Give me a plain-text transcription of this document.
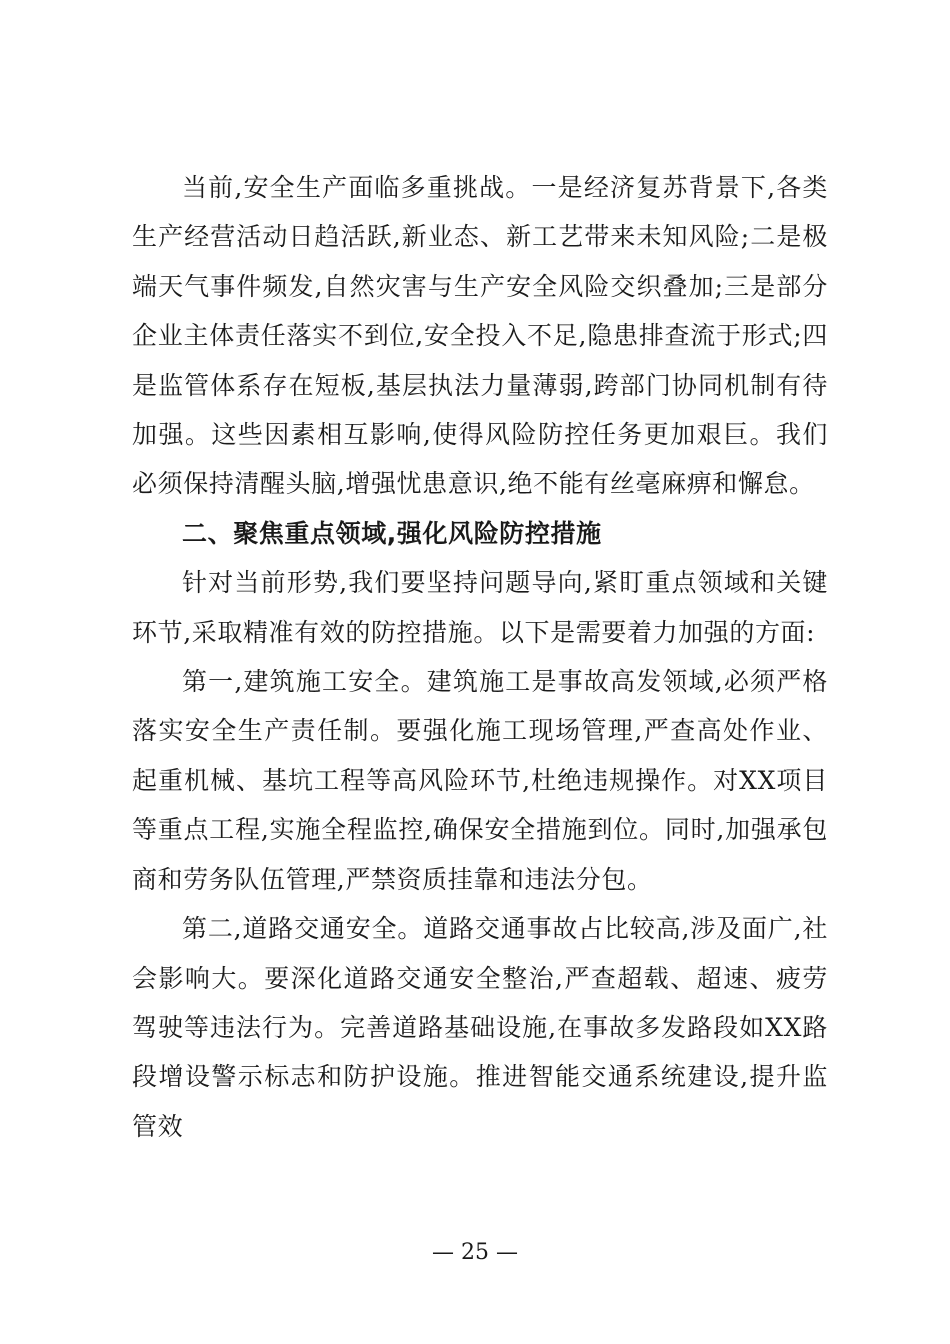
当前,安全生产面临多重挑战。一是经济复苏背景下,各类生产经营活动日趋活跃,新业态、新工艺带来未知风险;二是极端天气事件频发,自然灾害与生产安全风险交织叠加;三是部分企业主体责任落实不到位,安全投入不足,隐患排查流于形式;四是监管体系存在短板,基层执法力量薄弱,跨部门协同机制有待加强。这些因素相互影响,使得风险防控任务更加艰巨。我们必须保持清醒头脑,增强忧患意识,绝不能有丝毫麻痹和懈怠。

二、聚焦重点领域,强化风险防控措施

针对当前形势,我们要坚持问题导向,紧盯重点领域和关键环节,采取精准有效的防控措施。以下是需要着力加强的方面:

第一,建筑施工安全。建筑施工是事故高发领域,必须严格落实安全生产责任制。要强化施工现场管理,严查高处作业、起重机械、基坑工程等高风险环节,杜绝违规操作。对XX项目等重点工程,实施全程监控,确保安全措施到位。同时,加强承包商和劳务队伍管理,严禁资质挂靠和违法分包。

第二,道路交通安全。道路交通事故占比较高,涉及面广,社会影响大。要深化道路交通安全整治,严查超载、超速、疲劳驾驶等违法行为。完善道路基础设施,在事故多发路段如XX路段增设警示标志和防护设施。推进智能交通系统建设,提升监管效

— 25 —
